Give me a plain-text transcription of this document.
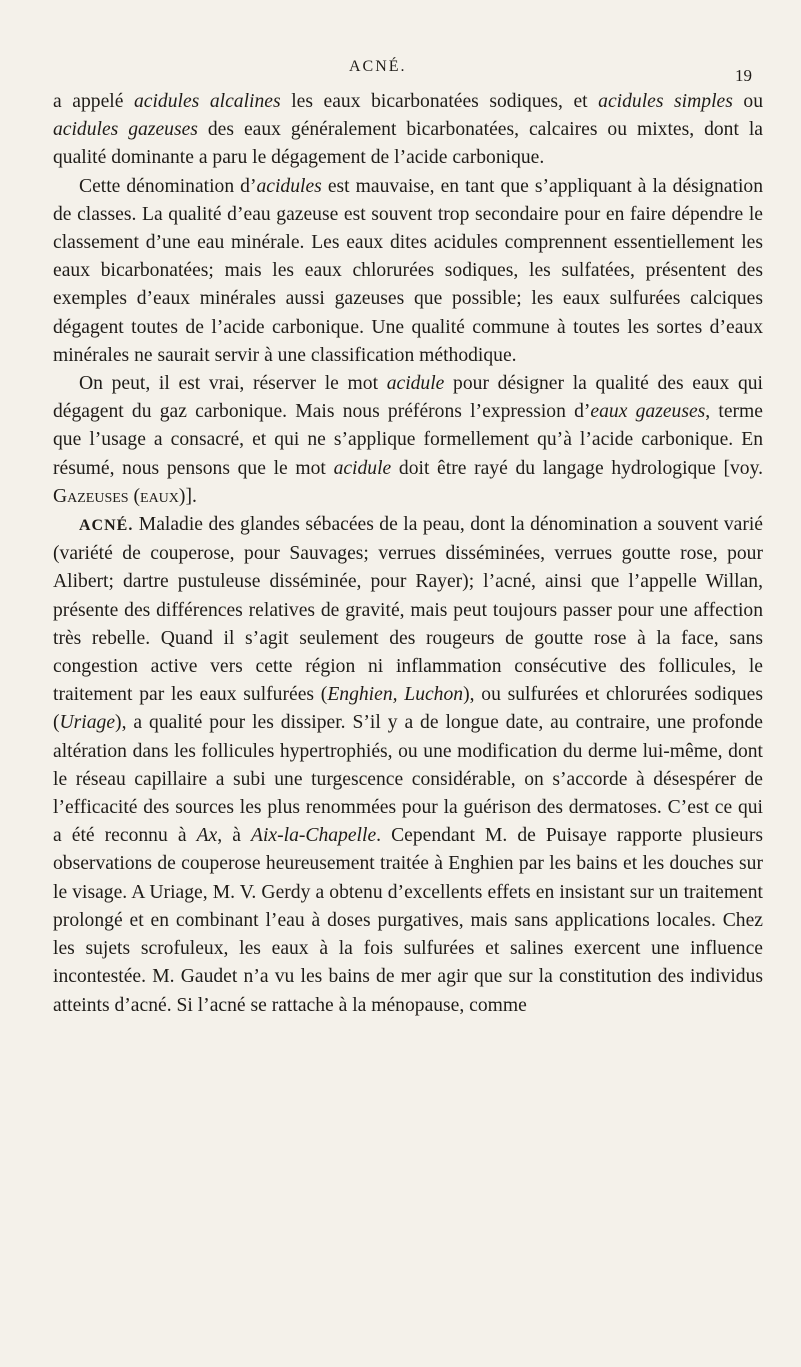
ACNÉ.	19

a appelé acidules alcalines les eaux bicarbonatées sodiques, et acidules simples ou acidules gazeuses des eaux généralement bicarbonatées, calcaires ou mixtes, dont la qualité dominante a paru le dégagement de l’acide carbonique.

Cette dénomination d’acidules est mauvaise, en tant que s’appliquant à la désignation de classes. La qualité d’eau gazeuse est souvent trop secondaire pour en faire dépendre le classement d’une eau minérale. Les eaux dites acidules comprennent essentiellement les eaux bicarbonatées; mais les eaux chlorurées sodiques, les sulfatées, présentent des exemples d’eaux minérales aussi gazeuses que possible; les eaux sulfurées calciques dégagent toutes de l’acide carbonique. Une qualité commune à toutes les sortes d’eaux minérales ne saurait servir à une classification méthodique.

On peut, il est vrai, réserver le mot acidule pour désigner la qualité des eaux qui dégagent du gaz carbonique. Mais nous préférons l’expression d’eaux gazeuses, terme que l’usage a consacré, et qui ne s’applique formellement qu’à l’acide carbonique. En résumé, nous pensons que le mot acidule doit être rayé du langage hydrologique [voy. Gazeuses (eaux)].

ACNÉ. Maladie des glandes sébacées de la peau, dont la dénomination a souvent varié (variété de couperose, pour Sauvages; verrues disséminées, verrues goutte rose, pour Alibert; dartre pustuleuse disséminée, pour Rayer); l’acné, ainsi que l’appelle Willan, présente des différences relatives de gravité, mais peut toujours passer pour une affection très rebelle. Quand il s’agit seulement des rougeurs de goutte rose à la face, sans congestion active vers cette région ni inflammation consécutive des follicules, le traitement par les eaux sulfurées (Enghien, Luchon), ou sulfurées et chlorurées sodiques (Uriage), a qualité pour les dissiper. S’il y a de longue date, au contraire, une profonde altération dans les follicules hypertrophiés, ou une modification du derme lui-même, dont le réseau capillaire a subi une turgescence considérable, on s’accorde à désespérer de l’efficacité des sources les plus renommées pour la guérison des dermatoses. C’est ce qui a été reconnu à Ax, à Aix-la-Chapelle. Cependant M. de Puisaye rapporte plusieurs observations de couperose heureusement traitée à Enghien par les bains et les douches sur le visage. A Uriage, M. V. Gerdy a obtenu d’excellents effets en insistant sur un traitement prolongé et en combinant l’eau à doses purgatives, mais sans applications locales. Chez les sujets scrofuleux, les eaux à la fois sulfurées et salines exercent une influence incontestée. M. Gaudet n’a vu les bains de mer agir que sur la constitution des individus atteints d’acné. Si l’acné se rattache à la ménopause, comme
